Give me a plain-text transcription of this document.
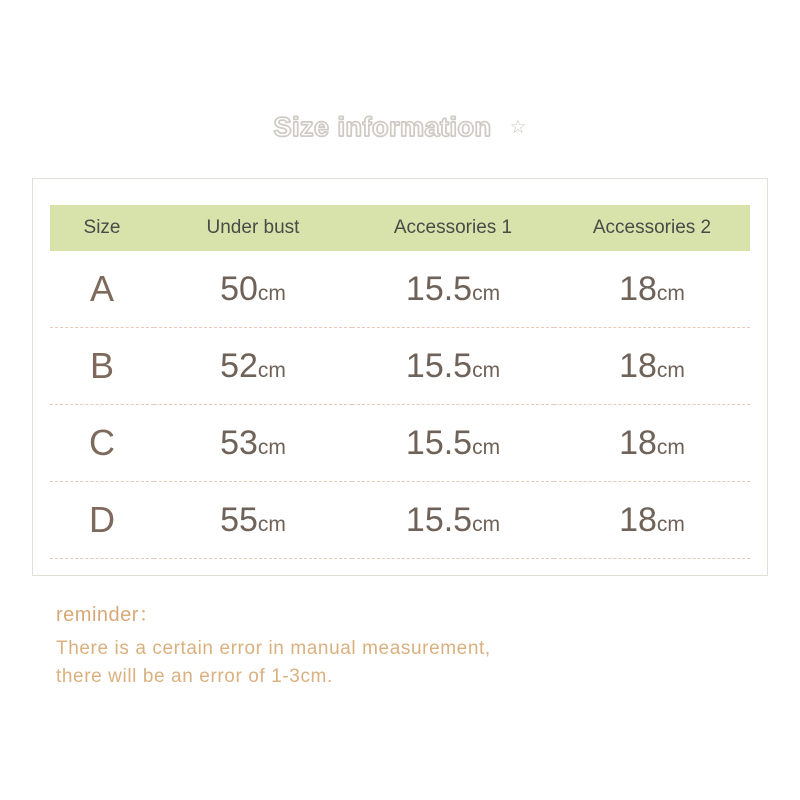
Size information ☆
Size	Under bust	Accessories 1	Accessories 2
A	50cm	15.5cm	18cm
B	52cm	15.5cm	18cm
C	53cm	15.5cm	18cm
D	55cm	15.5cm	18cm
reminder：
There is a certain error in manual measurement,
there will be an error of 1-3cm.
